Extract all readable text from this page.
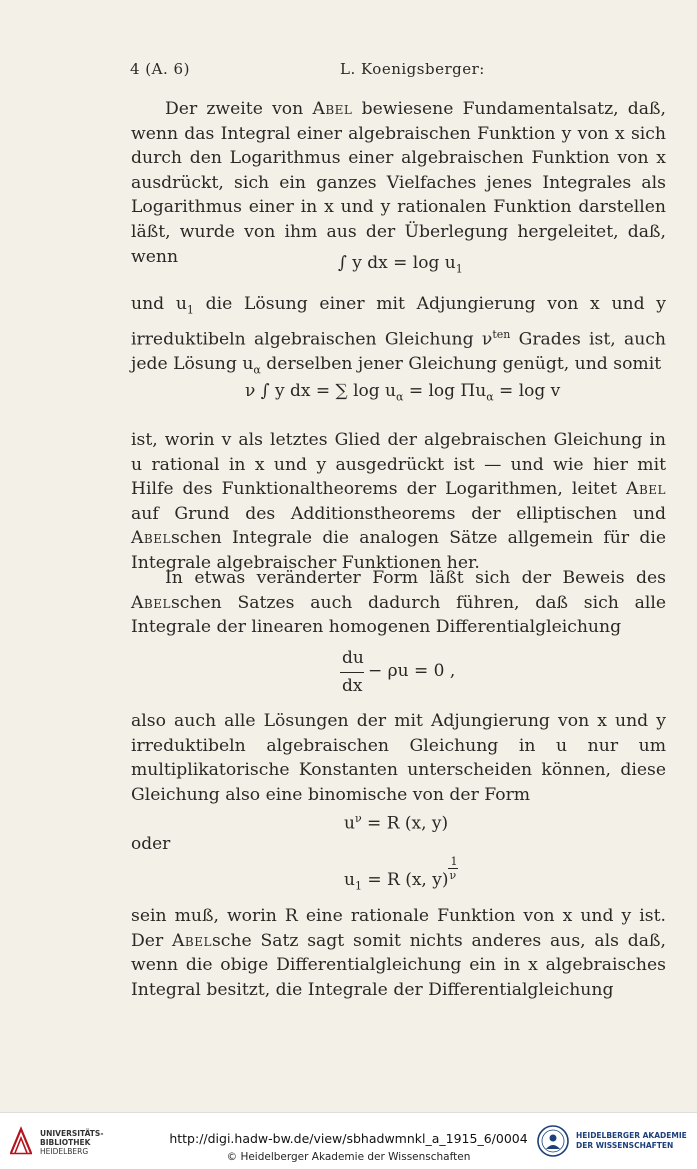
4 (A. 6)	L. Koenigsberger:
Der zweite von Abel bewiesene Fundamentalsatz, daß, wenn das Integral einer algebraischen Funktion y von x sich durch den Logarithmus einer algebraischen Funktion von x ausdrückt, sich ein ganzes Vielfaches jenes Integrales als Logarithmus einer in x und y rationalen Funktion darstellen läßt, wurde von ihm aus der Überlegung hergeleitet, daß, wenn	∫ y dx = $\log u_1$
und $u_1$ die Lösung einer mit Adjungierung von x und y irreduktibeln algebraischen Gleichung $\nu^{ten}$ Grades ist, auch jede Lösung $u_\alpha$ derselben jener Gleichung genügt, und somit
ν ∫ y dx = ∑ $\log u_\alpha = \log \Pi u_\alpha = \log v$
ist, worin v als letztes Glied der algebraischen Gleichung in u rational in x und y ausgedrückt ist — und wie hier mit Hilfe des Funktionaltheorems der Logarithmen, leitet Abel auf Grund des Additionstheorems der elliptischen und Abelschen Integrale die analogen Sätze allgemein für die Integrale algebraischer Funktionen her.
In etwas veränderter Form läßt sich der Beweis des Abelschen Satzes auch dadurch führen, daß sich alle Integrale der linearen homogenen Differentialgleichung
du
dx
− ρu = 0 ,
also auch alle Lösungen der mit Adjungierung von x und y irreduktibeln algebraischen Gleichung in u nur um multiplikatorische Konstanten unterscheiden können, diese Gleichung also eine binomische von der Form
$u^\nu = R$ (x, y)
oder
$u_1 = R$ (x, $y) \frac{1}{\nu}$
sein muß, worin R eine rationale Funktion von x und y ist. Der Abelsche Satz sagt somit nichts anderes aus, als daß, wenn die obige Differentialgleichung ein in x algebraisches Integral besitzt, die Integrale der Differentialgleichung
UNIVERSITÄTS-
BIBLIOTHEK
HEIDELBERG
http://digi.hadw-bw.de/view/sbhadwmnkl_a_1915_6/0004
© Heidelberger Akademie der Wissenschaften
HEIDELBERGER AKADEMIE
DER WISSENSCHAFTEN
